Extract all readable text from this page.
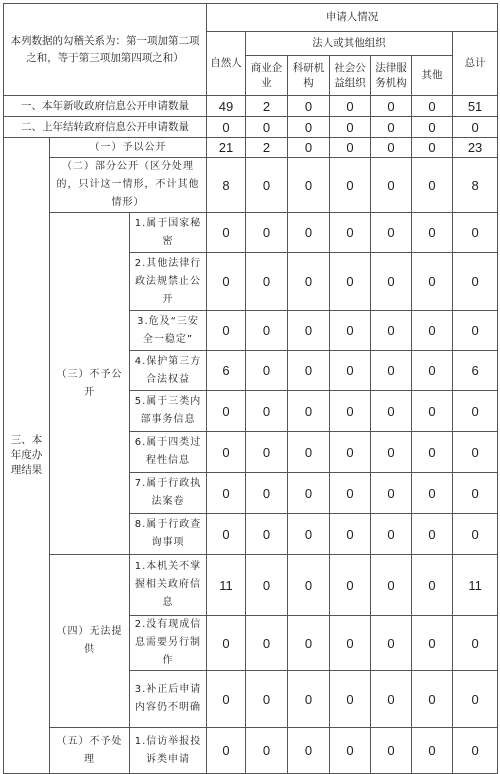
本列数据的勾稽关系为：第一项加第二项之和，等于第三项加第四项之和）			申请人情况						
			自然人	法人或其他组织					总计
				商业企业	科研机构	社会公益组织	法律服务机构	其他	
一、本年新收政府信息公开申请数量			49	2	0	0	0	0	51
二、上年结转政府信息公开申请数量			0	0	0	0	0	0	0
三、本年度办理结果	（一）予以公开		21	2	0	0	0	0	23
	（二）部分公开（区分处理的，只计这一情形，不计其他情形）		8	0	0	0	0	0	8
	（三）不予公开	1.属于国家秘密	0	0	0	0	0	0	0
		2.其他法律行政法规禁止公开	0	0	0	0	0	0	0
		3.危及“三安全一稳定”	0	0	0	0	0	0	0
		4.保护第三方合法权益	6	0	0	0	0	0	6
		5.属于三类内部事务信息	0	0	0	0	0	0	0
		6.属于四类过程性信息	0	0	0	0	0	0	0
		7.属于行政执法案卷	0	0	0	0	0	0	0
		8.属于行政查询事项	0	0	0	0	0	0	0
	（四）无法提供	1.本机关不掌握相关政府信息	11	0	0	0	0	0	11
		2.没有现成信息需要另行制作	0	0	0	0	0	0	0
		3.补正后申请内容仍不明确	0	0	0	0	0	0	0
	（五）不予处理	1.信访举报投诉类申请	0	0	0	0	0	0	0
